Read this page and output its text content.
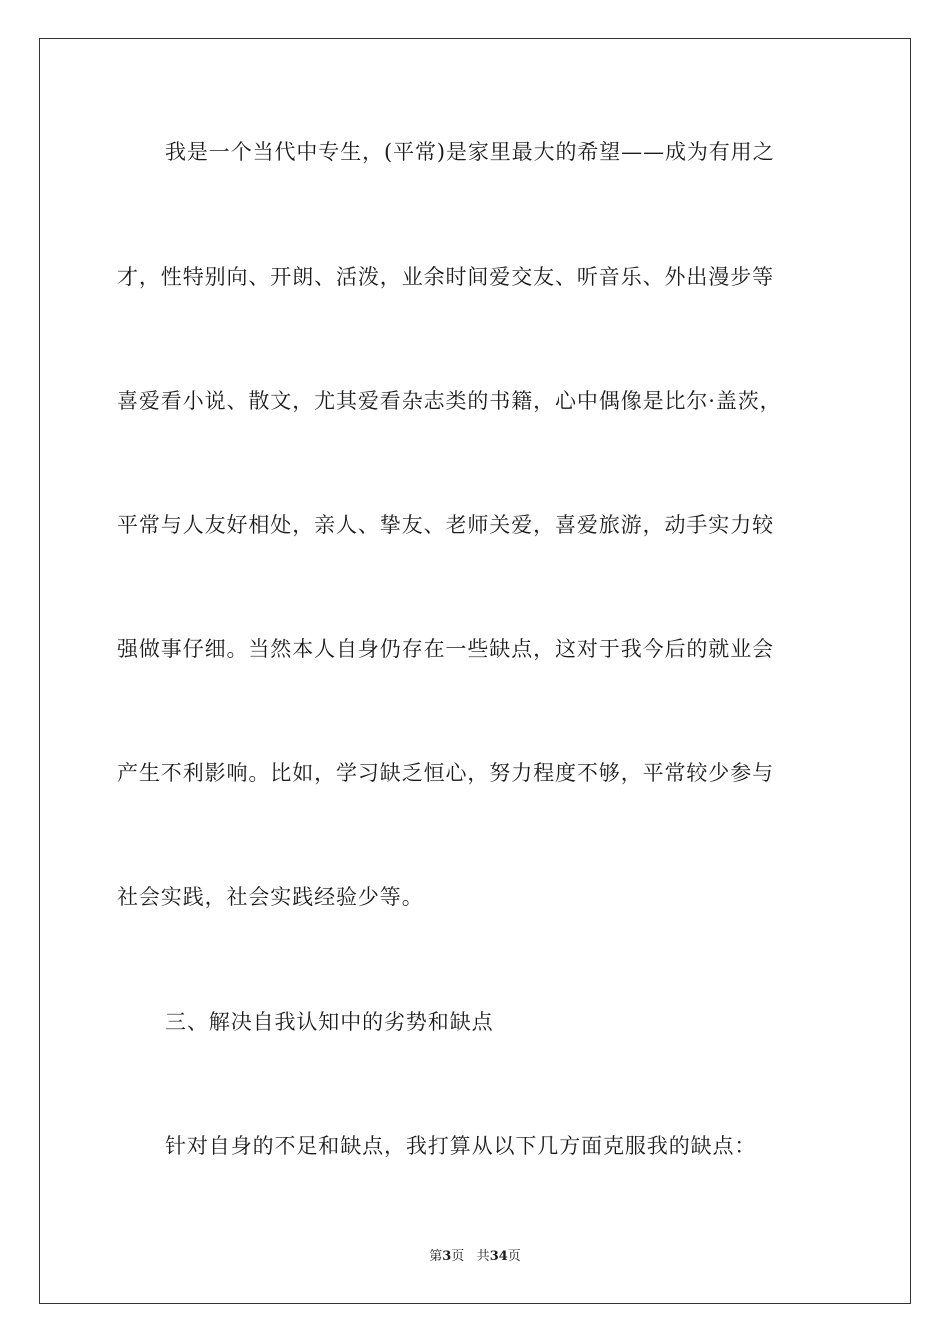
我是一个当代中专生，(平常)是家里最大的希望——成为有用之
才，性特别向、开朗、活泼，业余时间爱交友、听音乐、外出漫步等
喜爱看小说、散文，尤其爱看杂志类的书籍，心中偶像是比尔·盖茨，
平常与人友好相处，亲人、挚友、老师关爱，喜爱旅游，动手实力较
强做事仔细。当然本人自身仍存在一些缺点，这对于我今后的就业会
产生不利影响。比如，学习缺乏恒心，努力程度不够，平常较少参与
社会实践，社会实践经验少等。
三、解决自我认知中的劣势和缺点
针对自身的不足和缺点，我打算从以下几方面克服我的缺点：
第3页 共34页
